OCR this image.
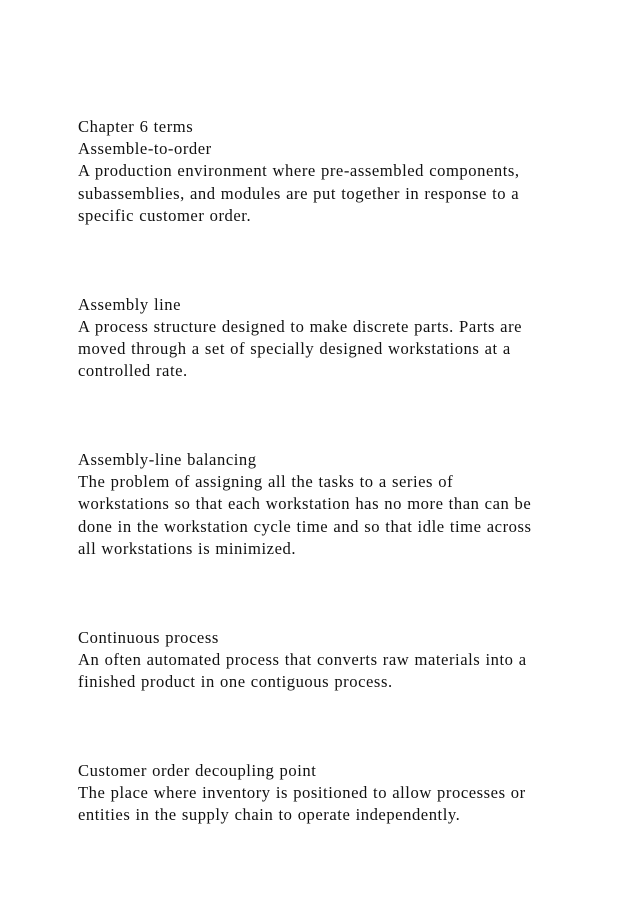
Chapter 6 terms
Assemble-to-order
A production environment where pre-assembled components,
subassemblies, and modules are put together in response to a
specific customer order.
Assembly line
A process structure designed to make discrete parts. Parts are
moved through a set of specially designed workstations at a
controlled rate.
Assembly-line balancing
The problem of assigning all the tasks to a series of
workstations so that each workstation has no more than can be
done in the workstation cycle time and so that idle time across
all workstations is minimized.
Continuous process
An often automated process that converts raw materials into a
finished product in one contiguous process.
Customer order decoupling point
The place where inventory is positioned to allow processes or
entities in the supply chain to operate independently.
